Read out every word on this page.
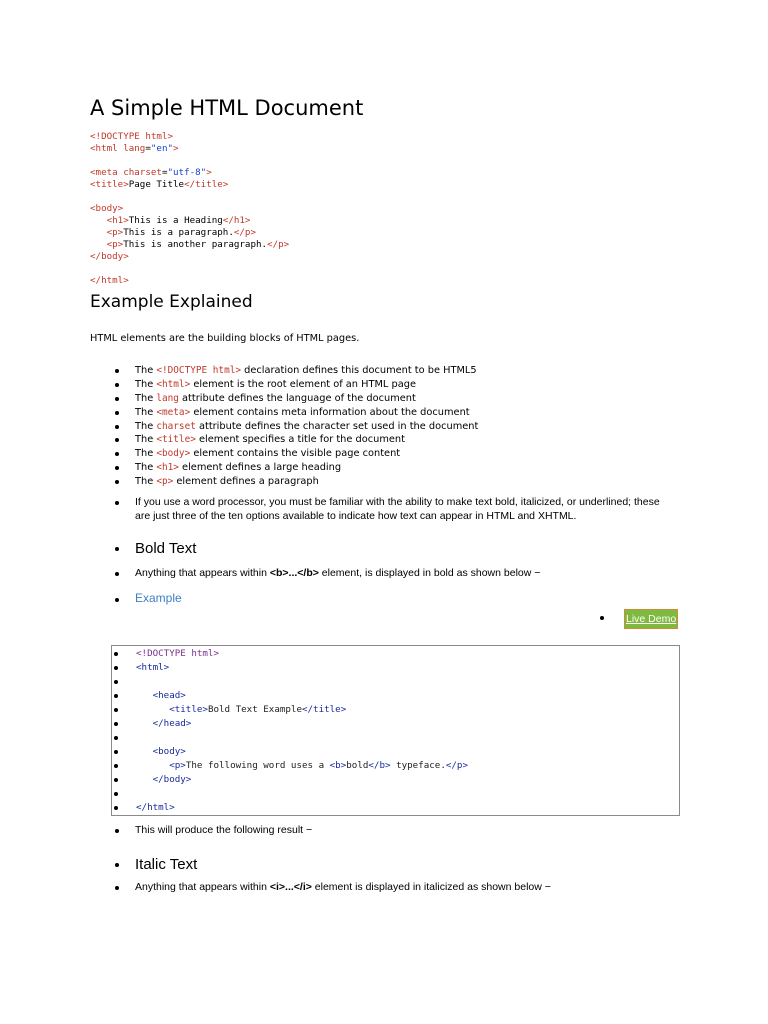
A Simple HTML Document
<!DOCTYPE html>
<html lang="en">
<meta charset="utf-8">
<title>Page Title</title>
<body>
<h1>This is a Heading</h1>
<p>This is a paragraph.</p>
<p>This is another paragraph.</p>
</body>
</html>
Example Explained
HTML elements are the building blocks of HTML pages.
The <!DOCTYPE html> declaration defines this document to be HTML5
The <html> element is the root element of an HTML page
The lang attribute defines the language of the document
The <meta> element contains meta information about the document
The charset attribute defines the character set used in the document
The <title> element specifies a title for the document
The <body> element contains the visible page content
The <h1> element defines a large heading
The <p> element defines a paragraph
If you use a word processor, you must be familiar with the ability to make text bold, italicized, or underlined; these are just three of the ten options available to indicate how text can appear in HTML and XHTML.
Bold Text
Anything that appears within <b>...</b> element, is displayed in bold as shown below −
Example
Live Demo
<!DOCTYPE html>
<html>
<head>
<title>Bold Text Example</title>
</head>
<body>
<p>The following word uses a <b>bold</b> typeface.</p>
</body>
</html>
This will produce the following result −
Italic Text
Anything that appears within <i>...</i> element is displayed in italicized as shown below −
